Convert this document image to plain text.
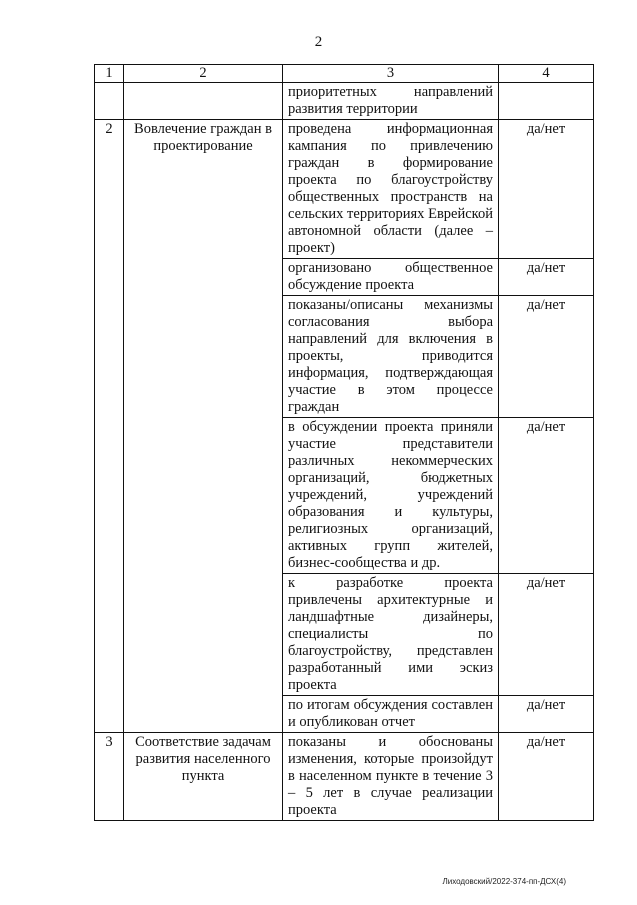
2
1	2	3	4
		приоритетных направлений развития территории	
2	Вовлечение граждан в проектирование	проведена информационная кампания по привлечению граждан в формирование проекта по благоустройству общественных пространств на сельских территориях Еврейской автономной области (далее – проект)	да/нет
		организовано общественное обсуждение проекта	да/нет
		показаны/описаны механизмы согласования выбора направлений для включения в проекты, приводится информация, подтверждающая участие в этом процессе граждан	да/нет
		в обсуждении проекта приняли участие представители различных некоммерческих организаций, бюджетных учреждений, учреждений образования и культуры, религиозных организаций, активных групп жителей, бизнес-сообщества и др.	да/нет
		к разработке проекта привлечены архитектурные и ландшафтные дизайнеры, специалисты по благоустройству, представлен разработанный ими эскиз проекта	да/нет
		по итогам обсуждения составлен и опубликован отчет	да/нет
3	Соответствие задачам развития населенного пункта	показаны и обоснованы изменения, которые произойдут в населенном пункте в течение 3 – 5 лет в случае реализации проекта	да/нет
Лиходовский/2022-374-пп-ДСХ(4)
